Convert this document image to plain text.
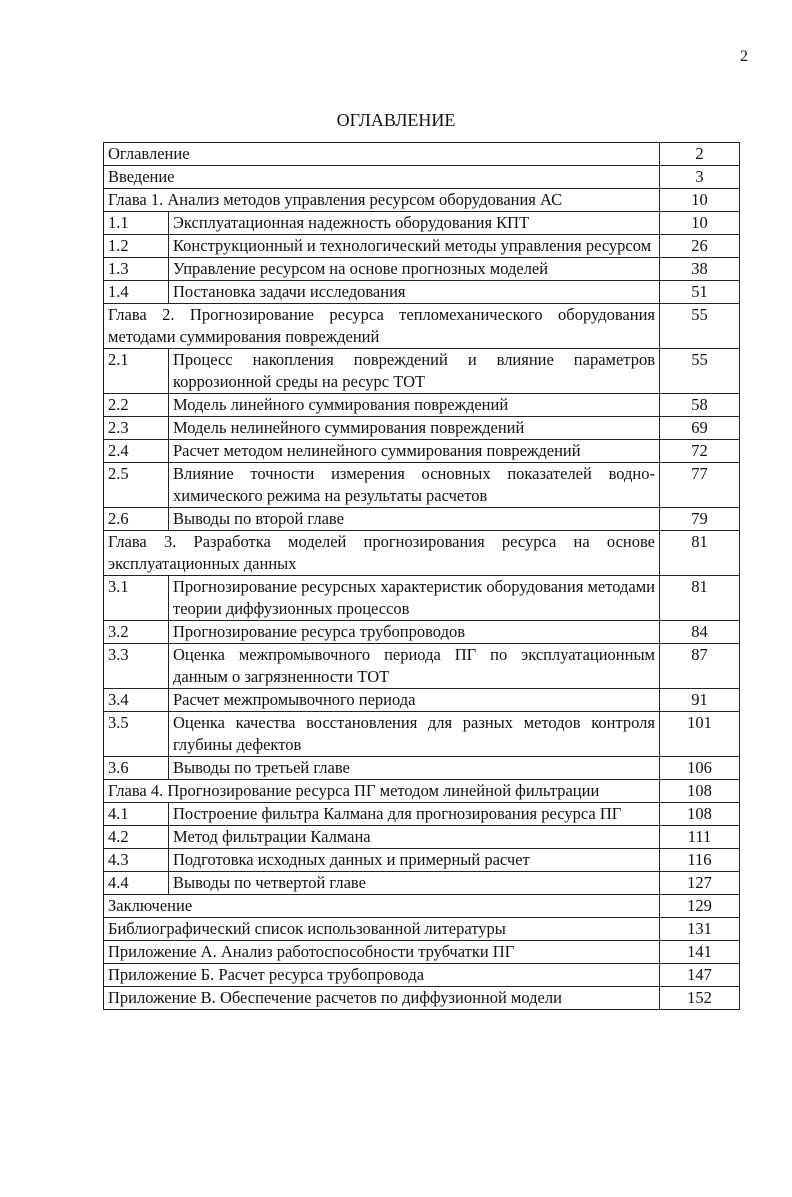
2
ОГЛАВЛЕНИЕ
Оглавление		2
Введение		3
Глава 1. Анализ методов управления ресурсом оборудования АС		10
1.1	Эксплуатационная надежность оборудования КПТ	10
1.2	Конструкционный и технологический методы управления ресурсом	26
1.3	Управление ресурсом на основе прогнозных моделей	38
1.4	Постановка задачи исследования	51
Глава 2. Прогнозирование ресурса тепломеханического оборудования методами суммирования повреждений		55
2.1	Процесс накопления повреждений и влияние параметров коррозионной среды на ресурс ТОТ	55
2.2	Модель линейного суммирования повреждений	58
2.3	Модель нелинейного суммирования повреждений	69
2.4	Расчет методом нелинейного суммирования повреждений	72
2.5	Влияние точности измерения основных показателей водно-химического режима на результаты расчетов	77
2.6	Выводы по второй главе	79
Глава 3. Разработка моделей прогнозирования ресурса на основе эксплуатационных данных		81
3.1	Прогнозирование ресурсных характеристик оборудования методами теории диффузионных процессов	81
3.2	Прогнозирование ресурса трубопроводов	84
3.3	Оценка межпромывочного периода ПГ по эксплуатационным данным о загрязненности ТОТ	87
3.4	Расчет межпромывочного периода	91
3.5	Оценка качества восстановления для разных методов контроля глубины дефектов	101
3.6	Выводы по третьей главе	106
Глава 4. Прогнозирование ресурса ПГ методом линейной фильтрации		108
4.1	Построение фильтра Калмана для прогнозирования ресурса ПГ	108
4.2	Метод фильтрации Калмана	111
4.3	Подготовка исходных данных и примерный расчет	116
4.4	Выводы по четвертой главе	127
Заключение		129
Библиографический список использованной литературы		131
Приложение А. Анализ работоспособности трубчатки ПГ		141
Приложение Б. Расчет ресурса трубопровода		147
Приложение В. Обеспечение расчетов по диффузионной модели		152
